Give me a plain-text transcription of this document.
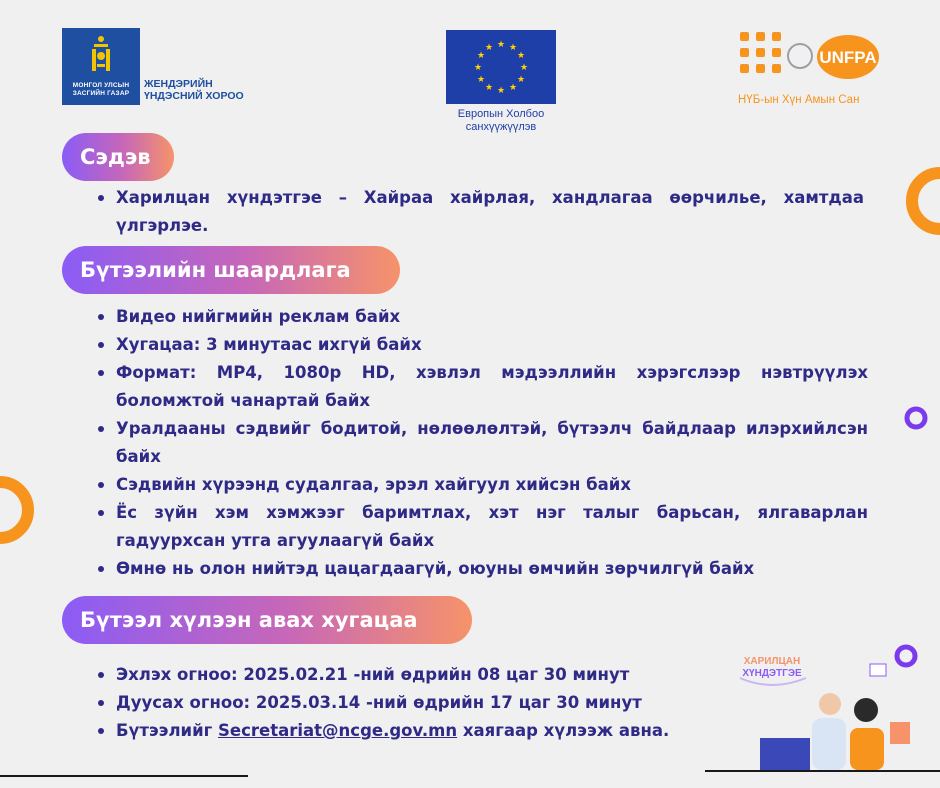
МОНГОЛ УЛСЫН ЗАСГИЙН ГАЗАР
ЖЕНДЭРИЙН ҮНДЭСНИЙ ХОРОО
★ ★
★
★
★
★
★
★
★
★
★
★
Европын Холбоо санхүүжүүлэв
UNFPA
НҮБ-ын Хүн Амын Сан
Сэдэв
Харилцан хүндэтгэе – Хайраа хайрлая, хандлагаа өөрчилье, хамтдаа үлгэрлэе.
Бүтээлийн шаардлага
Видео нийгмийн реклам байх
Хугацаа: 3 минутаас ихгүй байх
Формат: MP4, 1080p HD, хэвлэл мэдээллийн хэрэгслээр нэвтрүүлэх боломжтой чанартай байх
Уралдааны сэдвийг бодитой, нөлөөлөлтэй, бүтээлч байдлаар илэрхийлсэн байх
Сэдвийн хүрээнд судалгаа, эрэл хайгуул хийсэн байх
Ёс зүйн хэм хэмжээг баримтлах, хэт нэг талыг барьсан, ялгаварлан гадуурхсан утга агуулаагүй байх
Өмнө нь олон нийтэд цацагдаагүй, оюуны өмчийн зөрчилгүй байх
Бүтээл хүлээн авах хугацаа
Эхлэх огноо: 2025.02.21 -ний өдрийн 08 цаг 30 минут
Дуусах огноо: 2025.03.14 -ний өдрийн 17 цаг 30 минут
Бүтээлийг Secretariat@ncge.gov.mn хаягаар хүлээж авна.
ХАРИЛЦАН
ХҮНДЭТГЭЕ
